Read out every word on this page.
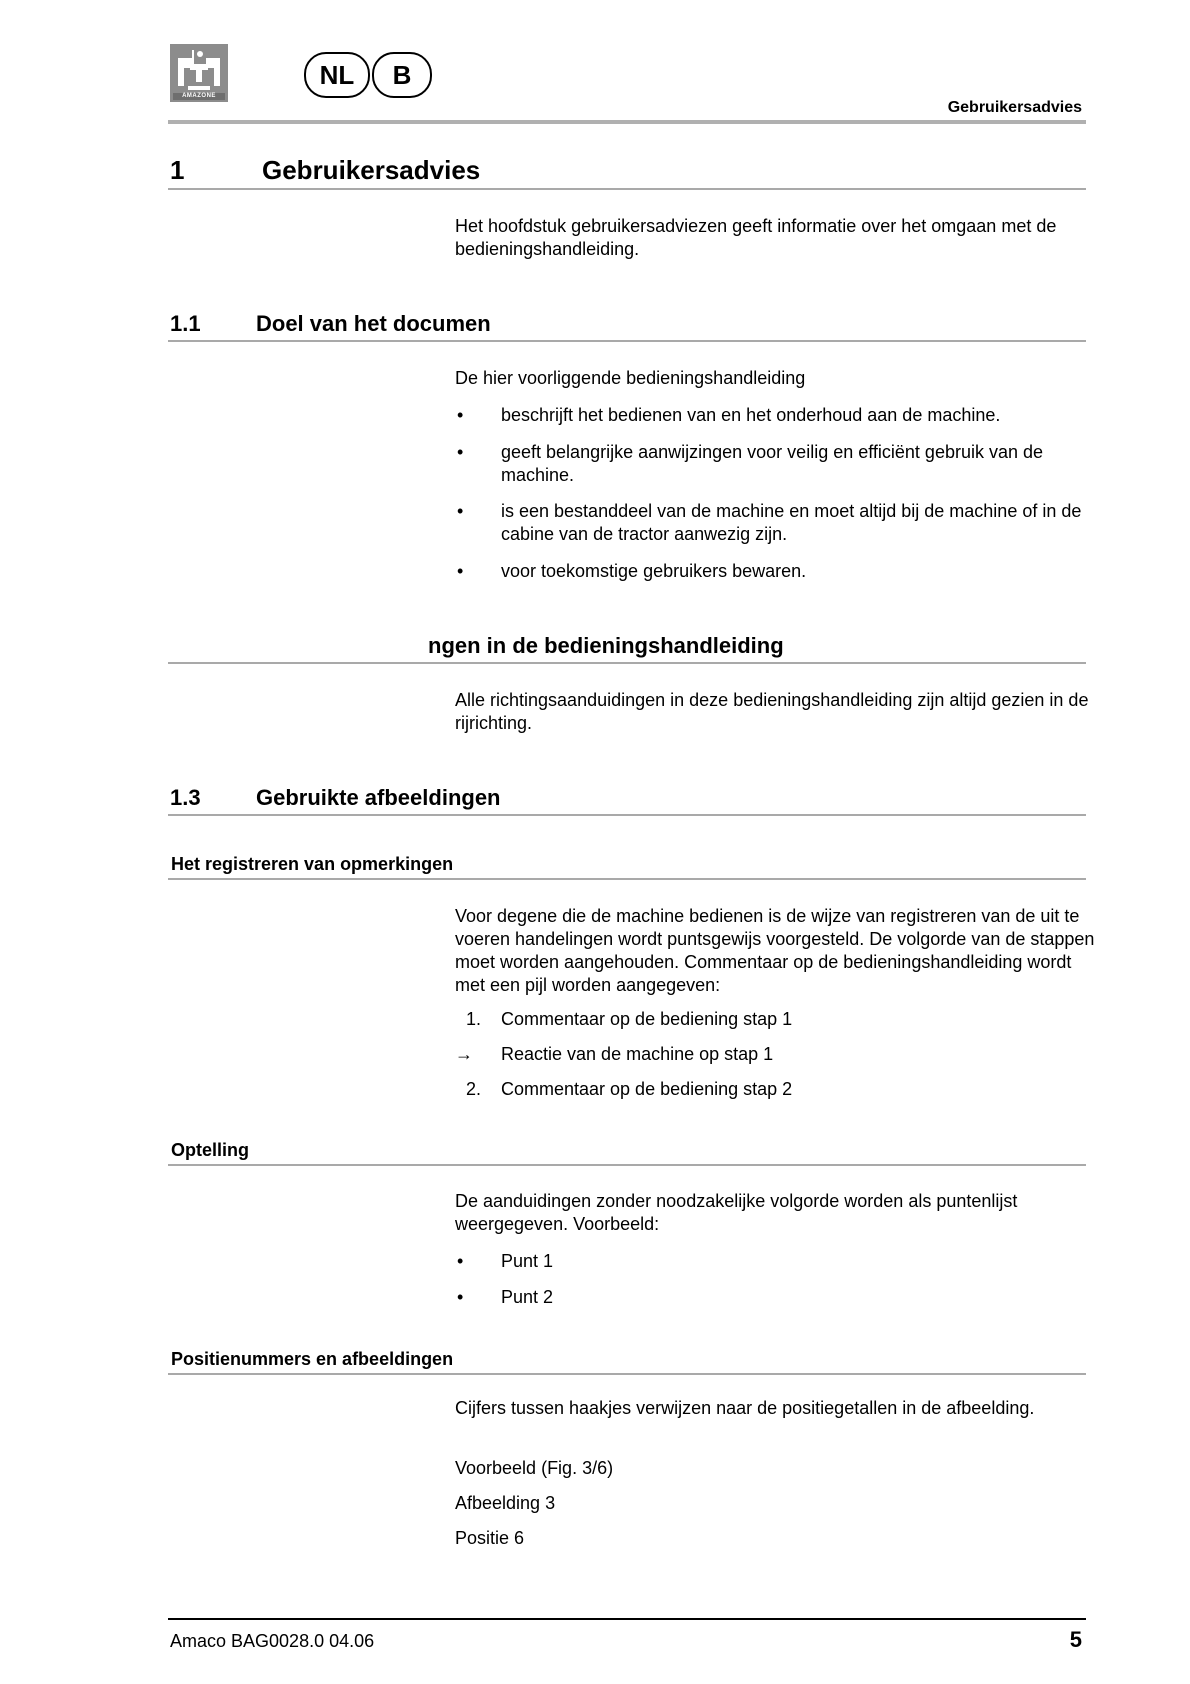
AMAZONE
NL	B
Gebruikersadvies
1	Gebruikersadvies
Het hoofdstuk gebruikersadviezen geeft informatie over het omgaan met de bedieningshandleiding.
1.1	Doel van het documen
De hier voorliggende bedieningshandleiding
• beschrijft het bedienen van en het onderhoud aan de machine.
• geeft belangrijke aanwijzingen voor veilig en efficiënt gebruik van de machine.
• is een bestanddeel van de machine en moet altijd bij de machine of in de cabine van de tractor aanwezig zijn.
• voor toekomstige gebruikers bewaren.
ngen in de bedieningshandleiding
Alle richtingsaanduidingen in deze bedieningshandleiding zijn altijd gezien in de rijrichting.
1.3	Gebruikte afbeeldingen
Het registreren van opmerkingen
Voor degene die de machine bedienen is de wijze van registreren van de uit te voeren handelingen wordt puntsgewijs voorgesteld. De volgorde van de stappen moet worden aangehouden. Commentaar op de bedieningshandleiding wordt met een pijl worden aangegeven:
1. Commentaar op de bediening stap 1
→ Reactie van de machine op stap 1
2. Commentaar op de bediening stap 2
Optelling
De aanduidingen zonder noodzakelijke volgorde worden als puntenlijst weergegeven. Voorbeeld:
• Punt 1
• Punt 2
Positienummers en afbeeldingen
Cijfers tussen haakjes verwijzen naar de positiegetallen in de afbeelding.
Voorbeeld (Fig. 3/6)
Afbeelding 3
Positie 6
Amaco BAG0028.0 04.06	5
